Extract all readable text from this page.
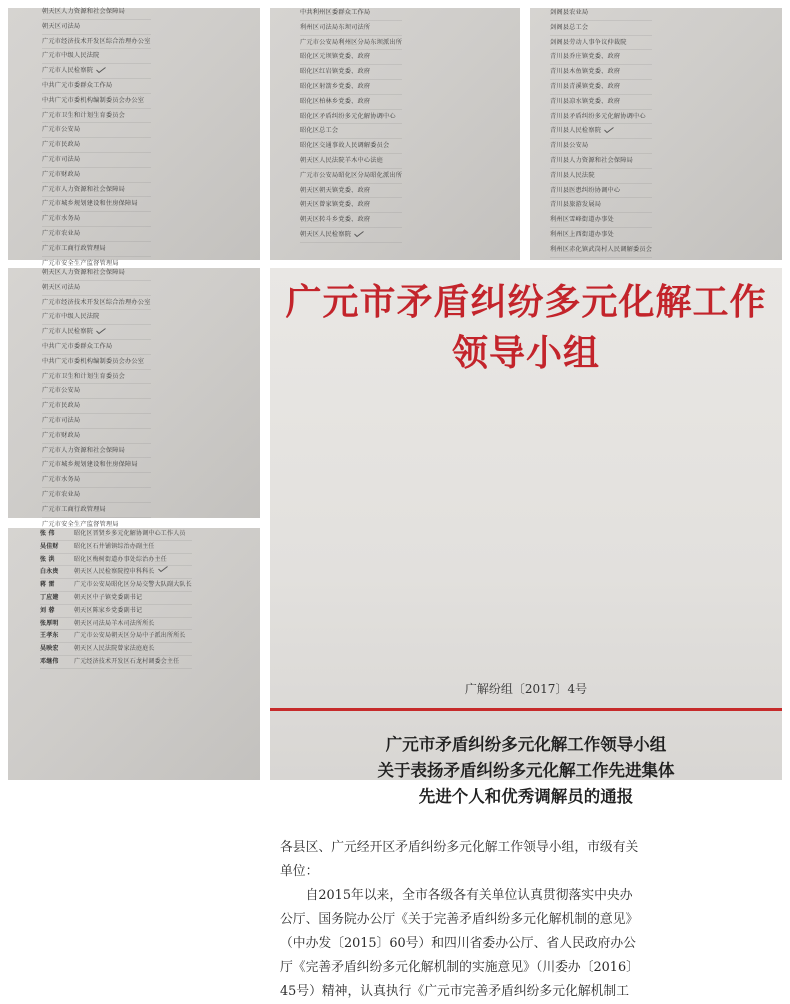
朝天区人力资源和社会保障局
朝天区司法局
广元市经济技术开发区综合治理办公室
广元市中级人民法院
广元市人民检察院
中共广元市委群众工作局
中共广元市委机构编制委员会办公室
广元市卫生和计划生育委员会
广元市公安局
广元市民政局
广元市司法局
广元市财政局
广元市人力资源和社会保障局
广元市城乡规划建设和住房保障局
广元市水务局
广元市农业局
广元市工商行政管理局
广元市安全生产监督管理局
中共利州区委群众工作局
利州区司法局东坝司法所
广元市公安局利州区分局东坝派出所
昭化区元坝镇党委、政府
昭化区红岩镇党委、政府
昭化区射箭乡党委、政府
昭化区柏林乡党委、政府
昭化区矛盾纠纷多元化解协调中心
昭化区总工会
昭化区交通事故人民调解委员会
朝天区人民法院羊木中心法庭
广元市公安局昭化区分局昭化派出所
朝天区朝天镇党委、政府
朝天区曾家镇党委、政府
朝天区转斗乡党委、政府
朝天区人民检察院
剑阁县农业局
剑阁县总工会
剑阁县劳动人事争议仲裁院
青川县乔庄镇党委、政府
青川县木鱼镇党委、政府
青川县青溪镇党委、政府
青川县凉水镇党委、政府
青川县矛盾纠纷多元化解协调中心
青川县人民检察院
青川县公安局
青川县人力资源和社会保障局
青川县人民法院
青川县医患纠纷协调中心
青川县旅游发展局
利州区雪峰街道办事处
利州区上西街道办事处
利州区赤化镇武岗村人民调解委员会
朝天区人力资源和社会保障局
朝天区司法局
广元市经济技术开发区综合治理办公室
广元市中级人民法院
广元市人民检察院
中共广元市委群众工作局
中共广元市委机构编制委员会办公室
广元市卫生和计划生育委员会
广元市公安局
广元市民政局
广元市司法局
广元市财政局
广元市人力资源和社会保障局
广元市城乡规划建设和住房保障局
广元市水务局
广元市农业局
广元市工商行政管理局
广元市安全生产监督管理局
张 伟	昭化区晋贤乡多元化解协调中心工作人员
吴佳财	昭化区石井铺镇综治办副主任
张 洪	昭化区梅树街道办事处综治办主任
白永贵	朝天区人民检察院控申科科长
蒋 雷	广元市公安局昭化区分局交警大队副大队长
丁应建	朝天区中子镇党委副书记
刘 蓉	朝天区陈家乡党委副书记
张厚明	朝天区司法局羊木司法所所长
王孝东	广元市公安局朝天区分局中子派出所所长
吴映宏	朝天区人民法院曾家法庭庭长
邓继伟	广元经济技术开发区石龙村调委会主任
广元市矛盾纠纷多元化解工作领导小组
广解纷组〔2017〕4号
广元市矛盾纠纷多元化解工作领导小组
关于表扬矛盾纠纷多元化解工作先进集体
先进个人和优秀调解员的通报

各县区、广元经开区矛盾纠纷多元化解工作领导小组，市级有关

单位：

　　自2015年以来，全市各级各有关单位认真贯彻落实中央办

公厅、国务院办公厅《关于完善矛盾纠纷多元化解机制的意见》

（中办发〔2015〕60号）和四川省委办公厅、省人民政府办公

厅《完善矛盾纠纷多元化解机制的实施意见》（川委办〔2016〕

45号）精神，认真执行《广元市完善矛盾纠纷多元化解机制工
